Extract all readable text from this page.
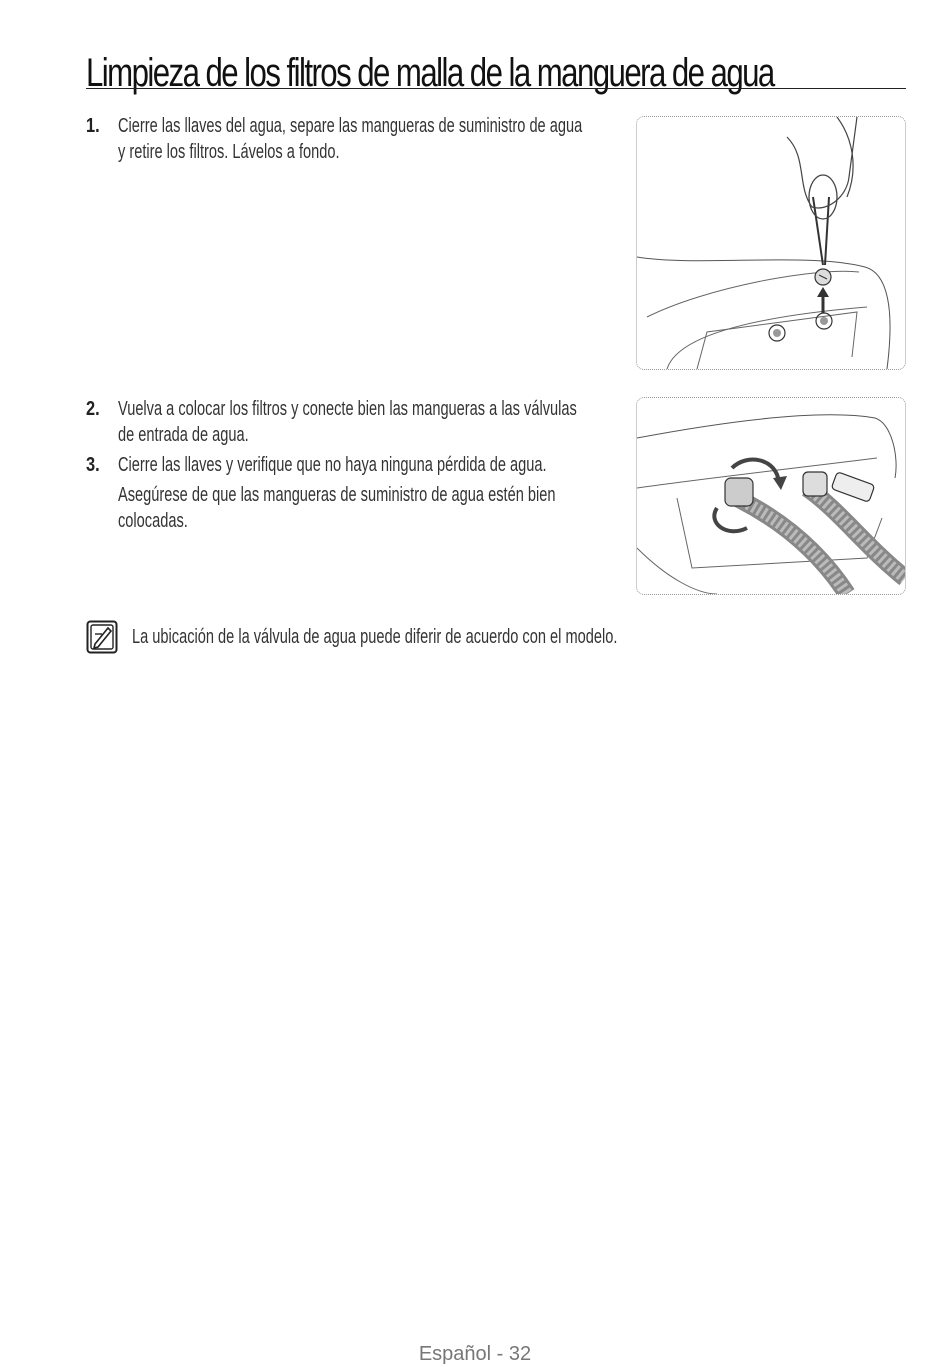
Limpieza de los filtros de malla de la manguera de agua
1. Cierre las llaves del agua, separe las mangueras de suministro de agua
y retire los filtros. Lávelos a fondo.
2. Vuelva a colocar los filtros y conecte bien las mangueras a las válvulas
de entrada de agua.
3. Cierre las llaves y verifique que no haya ninguna pérdida de agua.
Asegúrese de que las mangueras de suministro de agua estén bien
colocadas.
La ubicación de la válvula de agua puede diferir de acuerdo con el modelo.
Español - 32
